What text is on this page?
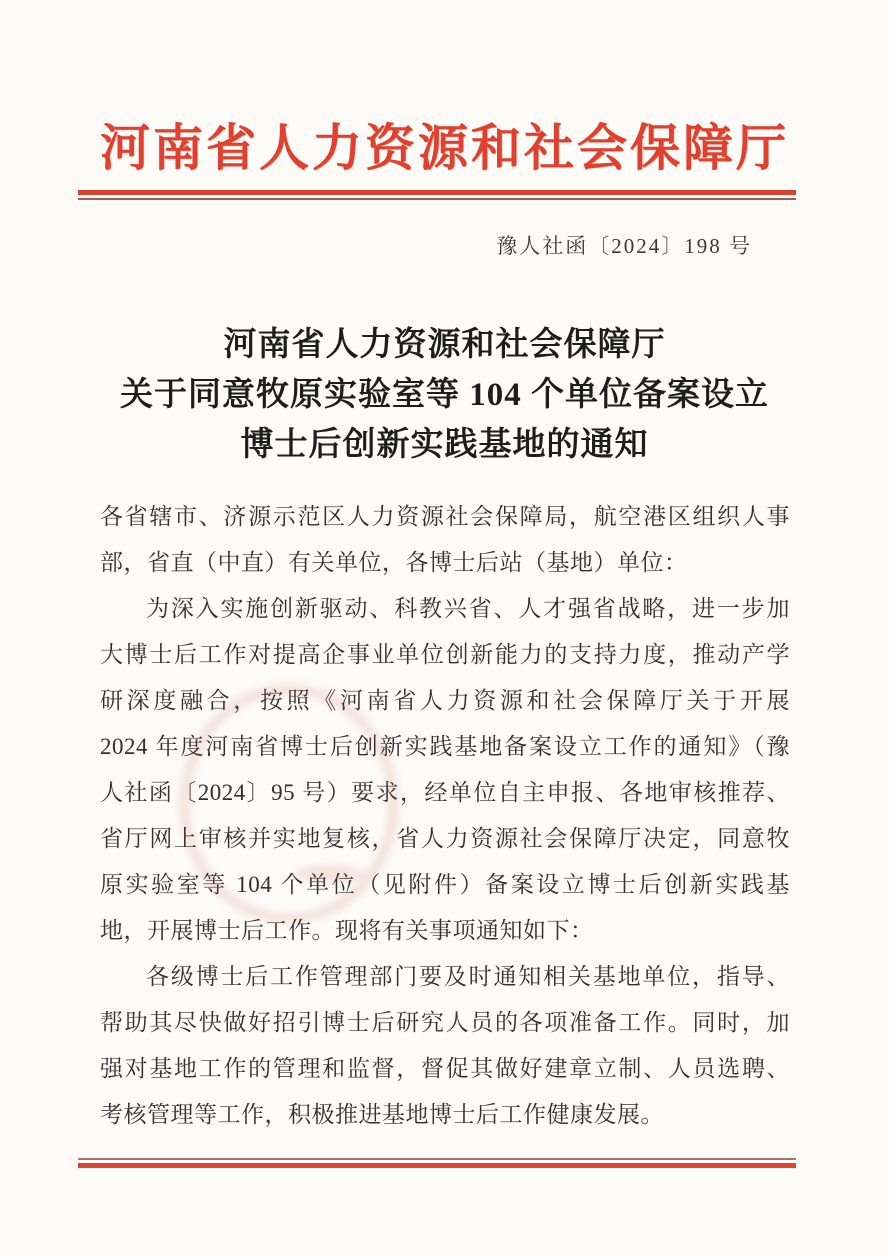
河南省人力资源和社会保障厅
豫人社函〔2024〕198 号
河南省人力资源和社会保障厅
关于同意牧原实验室等 104 个单位备案设立
博士后创新实践基地的通知
各省辖市、济源示范区人力资源社会保障局，航空港区组织人事
部，省直（中直）有关单位，各博士后站（基地）单位：
为深入实施创新驱动、科教兴省、人才强省战略，进一步加
大博士后工作对提高企事业单位创新能力的支持力度，推动产学
研深度融合，按照《河南省人力资源和社会保障厅关于开展
2024 年度河南省博士后创新实践基地备案设立工作的通知》（豫
人社函〔2024〕95 号）要求，经单位自主申报、各地审核推荐、
省厅网上审核并实地复核，省人力资源社会保障厅决定，同意牧
原实验室等 104 个单位（见附件）备案设立博士后创新实践基
地，开展博士后工作。现将有关事项通知如下：
各级博士后工作管理部门要及时通知相关基地单位，指导、
帮助其尽快做好招引博士后研究人员的各项准备工作。同时，加
强对基地工作的管理和监督，督促其做好建章立制、人员选聘、
考核管理等工作，积极推进基地博士后工作健康发展。
